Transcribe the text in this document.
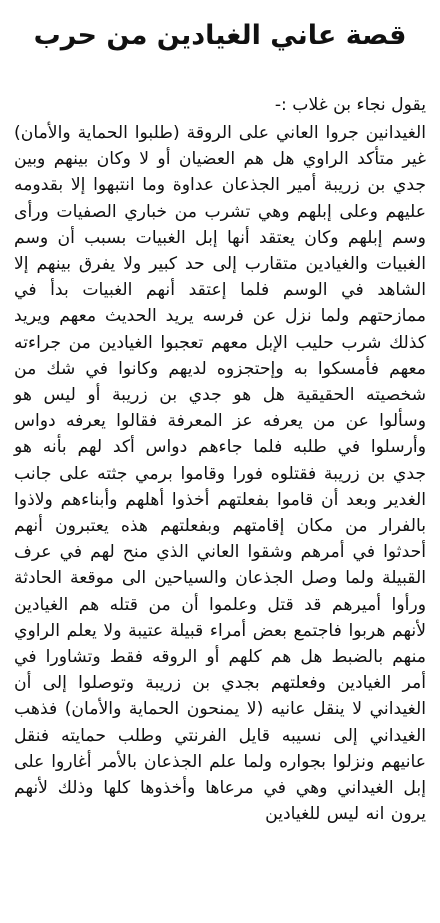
قصة عاني الغيادين من حرب
يقول نجاء بن غلاب :-

الغيدانين جروا العاني على الروقة (طلبوا الحماية والأمان) غير متأكد الراوي هل هم العضيان أو لا وكان بينهم وبين جدي بن زريبة أمير الجذعان عداوة وما انتبهوا إلا بقدومه عليهم وعلى إبلهم وهي تشرب من خباري الصفيات ورأى وسم إبلهم وكان يعتقد أنها إبل الغبيات بسبب أن وسم الغبيات والغيادين متقارب إلى حد كبير ولا يفرق بينهم إلا الشاهد في الوسم فلما إعتقد أنهم الغبيات بدأ في ممازحتهم ولما نزل عن فرسه يريد الحديث معهم ويريد كذلك شرب حليب الإبل معهم تعجبوا الغيادين من جراءته معهم فأمسكوا به وإحتجزوه لديهم وكانوا في شك من شخصيته الحقيقية هل هو جدي بن زريبة أو ليس هو وسألوا عن من يعرفه عز المعرفة فقالوا يعرفه دواس وأرسلوا في طلبه فلما جاءهم دواس أكد لهم بأنه هو جدي بن زريبة فقتلوه فورا وقاموا برمي جثته على جانب الغدير وبعد أن قاموا بفعلتهم أخذوا أهلهم وأبناءهم ولاذوا بالفرار من مكان إقامتهم وبفعلتهم هذه يعتبرون أنهم أحدثوا في أمرهم وشقوا العاني الذي منح لهم في عرف القبيلة ولما وصل الجذعان والسياحين الى موقعة الحادثة ورأوا أميرهم قد قتل وعلموا أن من قتله هم الغيادين لأنهم هربوا فاجتمع بعض أمراء قبيلة عتيبة ولا يعلم الراوي منهم بالضبط هل هم كلهم أو الروقه فقط وتشاورا في أمر الغيادين وفعلتهم بجدي بن زريبة وتوصلوا إلى أن الغيداني لا ينقل عانيه (لا يمنحون الحماية والأمان) فذهب الغيداني إلى نسيبه قايل الفرنتي وطلب حمايته فنقل عانيهم ونزلوا بجواره ولما علم الجذعان بالأمر أغاروا على إبل الغيداني وهي في مرعاها وأخذوها كلها وذلك لأنهم يرون انه ليس للغيادين
